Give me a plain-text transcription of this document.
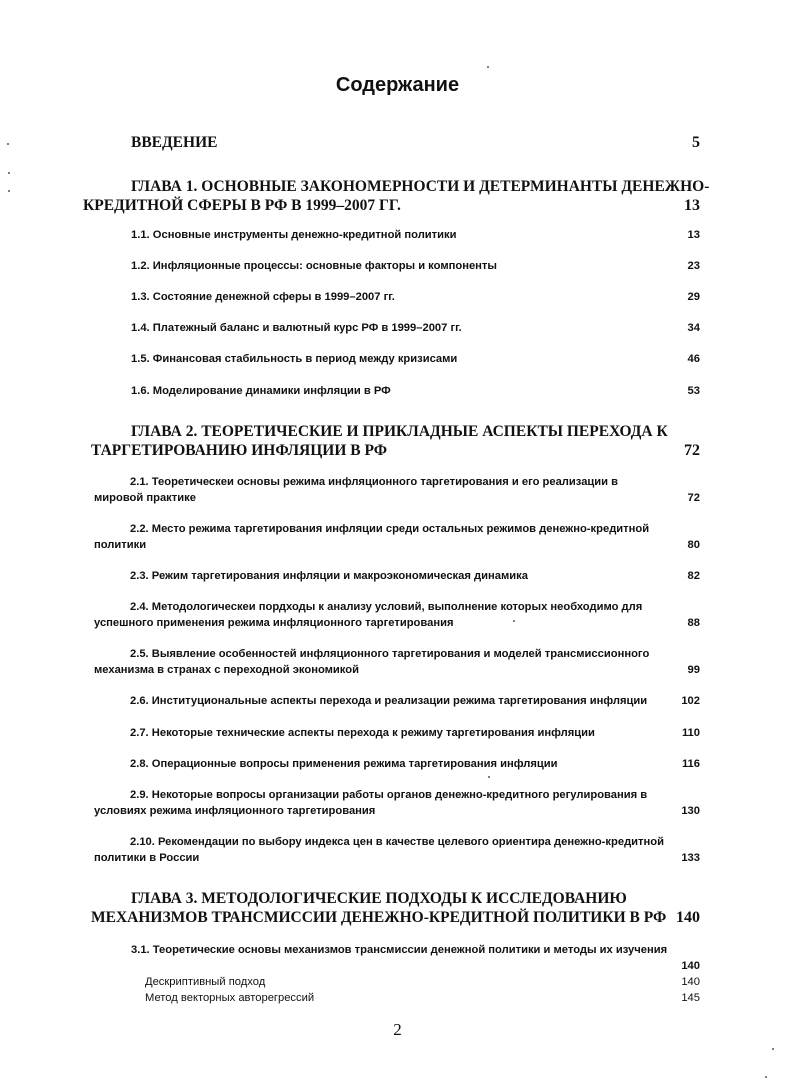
Содержание
ВВЕДЕНИЕ	5
ГЛАВА 1. ОСНОВНЫЕ ЗАКОНОМЕРНОСТИ И ДЕТЕРМИНАНТЫ ДЕНЕЖНО-
КРЕДИТНОЙ СФЕРЫ В РФ В 1999–2007 ГГ.	13
1.1. Основные инструменты денежно-кредитной политики	13
1.2. Инфляционные процессы: основные факторы и компоненты	23
1.3. Состояние денежной сферы в 1999–2007 гг.	29
1.4. Платежный баланс и валютный курс РФ в 1999–2007 гг.	34
1.5. Финансовая стабильность в период между кризисами	46
1.6. Моделирование динамики инфляции в РФ	53
ГЛАВА 2. ТЕОРЕТИЧЕСКИЕ И ПРИКЛАДНЫЕ АСПЕКТЫ ПЕРЕХОДА К
ТАРГЕТИРОВАНИЮ ИНФЛЯЦИИ В РФ	72
2.1. Теоретическеи основы режима инфляционного таргетирования и его реализации в
мировой практике	72
2.2. Место режима таргетирования инфляции среди остальных режимов денежно-кредитной
политики	80
2.3. Режим таргетирования инфляции и макроэкономическая динамика	82
2.4. Методологическеи пордходы к анализу условий, выполнение которых необходимо для
успешного применения режима инфляционного таргетирования	88
2.5. Выявление особенностей инфляционного таргетирования и моделей трансмиссионного
механизма в странах с переходной экономикой	99
2.6. Институциональные аспекты перехода и реализации режима таргетирования инфляции	102
2.7. Некоторые технические аспекты перехода к режиму таргетирования инфляции	110
2.8. Операционные вопросы применения режима таргетирования инфляции	116
2.9. Некоторые вопросы организации работы органов денежно-кредитного регулирования в
условиях режима инфляционного таргетирования	130
2.10. Рекомендации по выбору индекса цен в качестве целевого ориентира денежно-кредитной
политики в России	133
ГЛАВА 3. МЕТОДОЛОГИЧЕСКИЕ ПОДХОДЫ К ИССЛЕДОВАНИЮ
МЕХАНИЗМОВ ТРАНСМИССИИ ДЕНЕЖНО-КРЕДИТНОЙ ПОЛИТИКИ В РФ 140
3.1. Теоретические основы механизмов трансмиссии денежной политики и методы их изучения
140
Дескриптивный подход	140
Метод векторных авторегрессий	145
2
